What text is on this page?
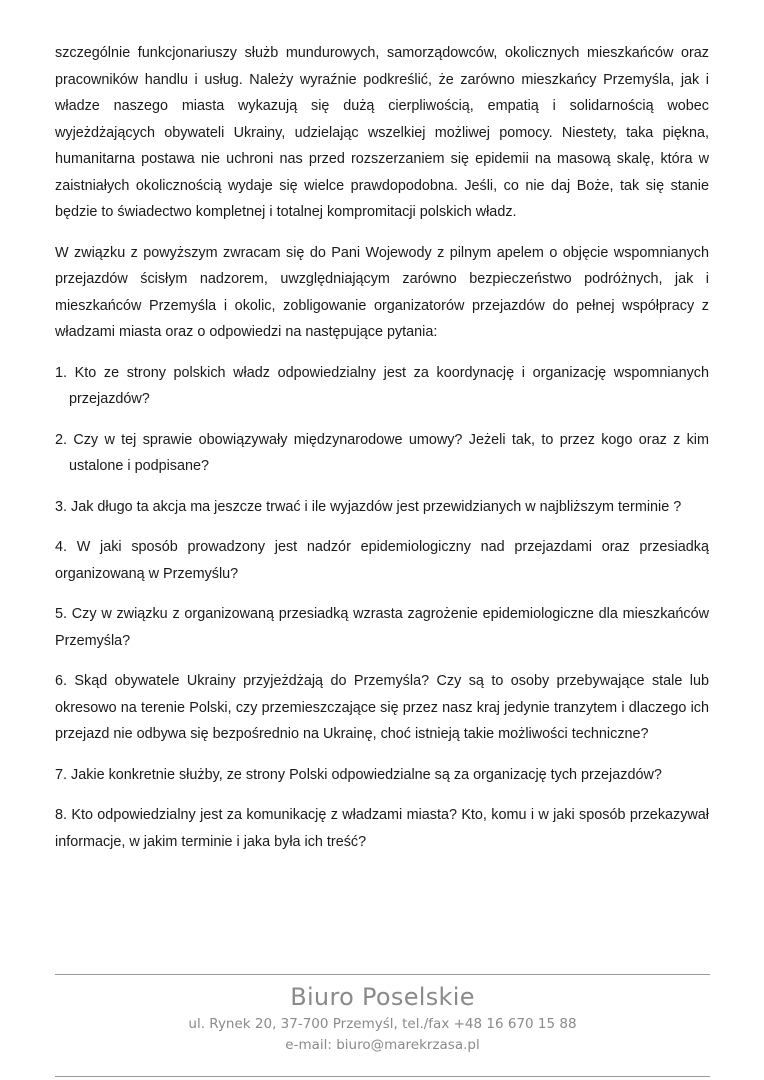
szczególnie funkcjonariuszy służb mundurowych, samorządowców, okolicznych mieszkańców oraz pracowników handlu i usług. Należy wyraźnie podkreślić, że zarówno mieszkańcy Przemyśla, jak i władze naszego miasta wykazują się dużą cierpliwością, empatią i solidarnością wobec wyjeżdżających obywateli Ukrainy, udzielając wszelkiej możliwej pomocy. Niestety, taka piękna, humanitarna postawa nie uchroni nas przed rozszerzaniem się epidemii na masową skalę, która w zaistniałych okolicznością wydaje się wielce prawdopodobna. Jeśli, co nie daj Boże, tak się stanie będzie to świadectwo kompletnej i totalnej kompromitacji polskich władz.

W związku z powyższym zwracam się do Pani Wojewody z pilnym apelem o objęcie wspomnianych przejazdów ścisłym nadzorem, uwzględniającym zarówno bezpieczeństwo podróżnych, jak i mieszkańców Przemyśla i okolic, zobligowanie organizatorów przejazdów do pełnej współpracy z władzami miasta oraz o odpowiedzi na następujące pytania:

1. Kto ze strony polskich władz odpowiedzialny jest za koordynację i organizację wspomnianych przejazdów?

2. Czy w tej sprawie obowiązywały międzynarodowe umowy? Jeżeli tak, to przez kogo oraz z kim ustalone i podpisane?

3. Jak długo ta akcja ma jeszcze trwać i ile wyjazdów jest przewidzianych w najbliższym terminie ?

4. W jaki sposób prowadzony jest nadzór epidemiologiczny nad przejazdami oraz przesiadką organizowaną w Przemyślu?

5. Czy w związku z organizowaną przesiadką wzrasta zagrożenie epidemiologiczne dla mieszkańców Przemyśla?

6. Skąd obywatele Ukrainy przyjeżdżają do Przemyśla? Czy są to osoby przebywające stale lub okresowo na terenie Polski, czy przemieszczające się przez nasz kraj jedynie tranzytem i dlaczego ich przejazd nie odbywa się bezpośrednio na Ukrainę, choć istnieją takie możliwości techniczne?

7. Jakie konkretnie służby, ze strony Polski odpowiedzialne są za organizację tych przejazdów?

8. Kto odpowiedzialny jest za komunikację z władzami miasta? Kto, komu i w jaki sposób przekazywał informacje, w jakim terminie i jaka była ich treść?

Biuro Poselskie
ul. Rynek 20, 37-700 Przemyśl, tel./fax +48 16 670 15 88
e-mail: biuro@marekrzasa.pl
